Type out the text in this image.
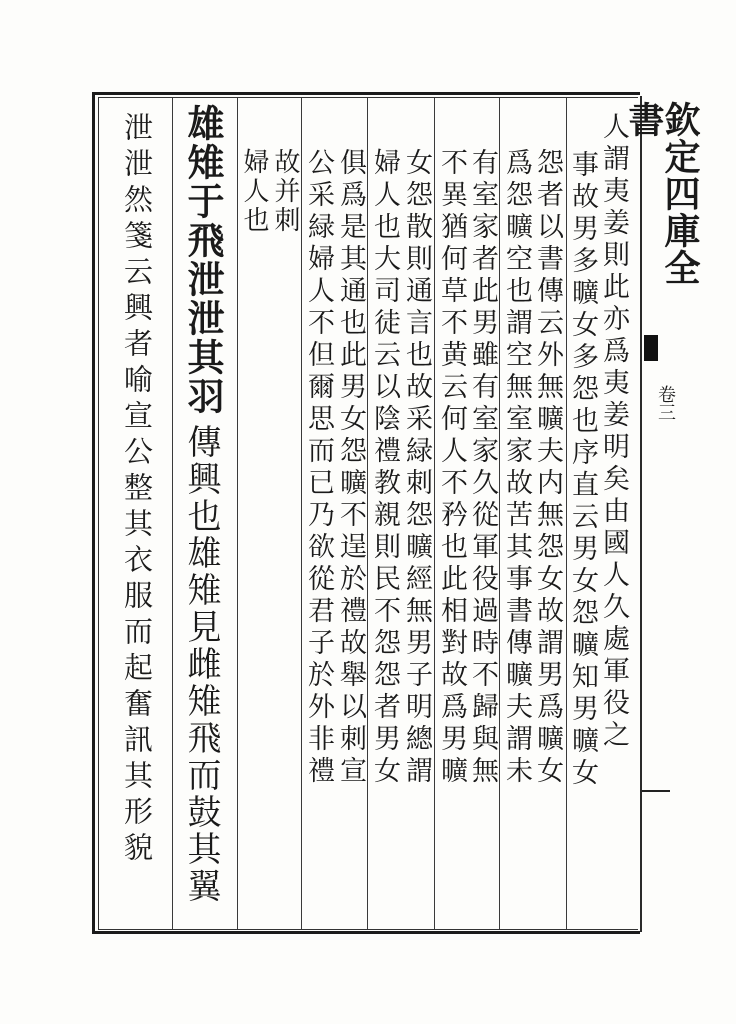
欽定四庫全書
卷三
人謂夷姜則此亦爲夷姜明矣由國人久處軍役之
事故男多曠女多怨也序直云男女怨曠知男曠女
怨者以書傳云外無曠夫内無怨女故謂男爲曠女
爲怨曠空也謂空無室家故苦其事書傳曠夫謂未
有室家者此男雖有室家久從軍役過時不歸與無
不異猶何草不黄云何人不矜也此相對故爲男曠
女怨散則通言也故采緑刺怨曠經無男子明總謂
婦人也大司徒云以陰禮教親則民不怨怨者男女
俱爲是其通也此男女怨曠不逞於禮故舉以刺宣
公采緑婦人不但爾思而已乃欲從君子於外非禮
故并刺
婦人也
雄雉于飛泄泄其羽
傳興也雄雉見雌雉飛而鼓其翼
泄泄然箋云興者喻宣公整其衣服而起奮訊其形貌
